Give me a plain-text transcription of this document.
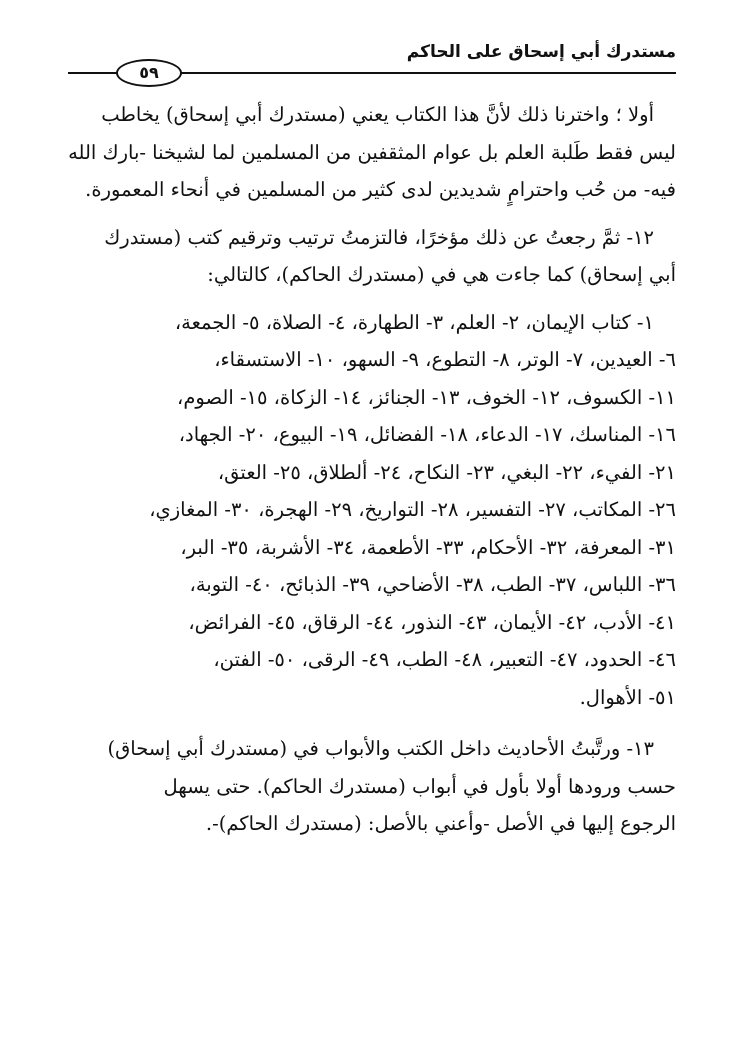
مستدرك أبي إسحاق على الحاكم
٥٩

أولا ؛ واخترنا ذلك لأنَّ هذا الكتاب يعني (مستدرك أبي إسحاق) يخاطب
ليس فقط طَلبة العلم بل عوام المثقفين من المسلمين لما لشيخنا -بارك الله
فيه- من حُب واحترامٍ شديدين لدى كثير من المسلمين في أنحاء المعمورة.

١٢- ثمَّ رجعتُ عن ذلك مؤخرًا، فالتزمتُ ترتيب وترقيم كتب (مستدرك
أبي إسحاق) كما جاءت هي في (مستدرك الحاكم)، كالتالي:

١- كتاب الإيمان، ٢- العلم، ٣- الطهارة، ٤- الصلاة، ٥- الجمعة،
٦- العيدين، ٧- الوتر، ٨- التطوع، ٩- السهو، ١٠- الاستسقاء،
١١- الكسوف، ١٢- الخوف، ١٣- الجنائز، ١٤- الزكاة، ١٥- الصوم،
١٦- المناسك، ١٧- الدعاء، ١٨- الفضائل، ١٩- البيوع، ٢٠- الجهاد،
٢١- الفيء، ٢٢- البغي، ٢٣- النكاح، ٢٤- ألطلاق، ٢٥- العتق،
٢٦- المكاتب، ٢٧- التفسير، ٢٨- التواريخ، ٢٩- الهجرة، ٣٠- المغازي،
٣١- المعرفة، ٣٢- الأحكام، ٣٣- الأطعمة، ٣٤- الأشربة، ٣٥- البر،
٣٦- اللباس، ٣٧- الطب، ٣٨- الأضاحي، ٣٩- الذبائح، ٤٠- التوبة،
٤١- الأدب، ٤٢- الأيمان، ٤٣- النذور، ٤٤- الرقاق، ٤٥- الفرائض،
٤٦- الحدود، ٤٧- التعبير، ٤٨- الطب، ٤٩- الرقى، ٥٠- الفتن،
٥١- الأهوال.

١٣- ورتَّبتُ الأحاديث داخل الكتب والأبواب في (مستدرك أبي إسحاق)
حسب ورودها أولا بأول في أبواب (مستدرك الحاكم). حتى يسهل
الرجوع إليها في الأصل -وأعني بالأصل: (مستدرك الحاكم)-.
